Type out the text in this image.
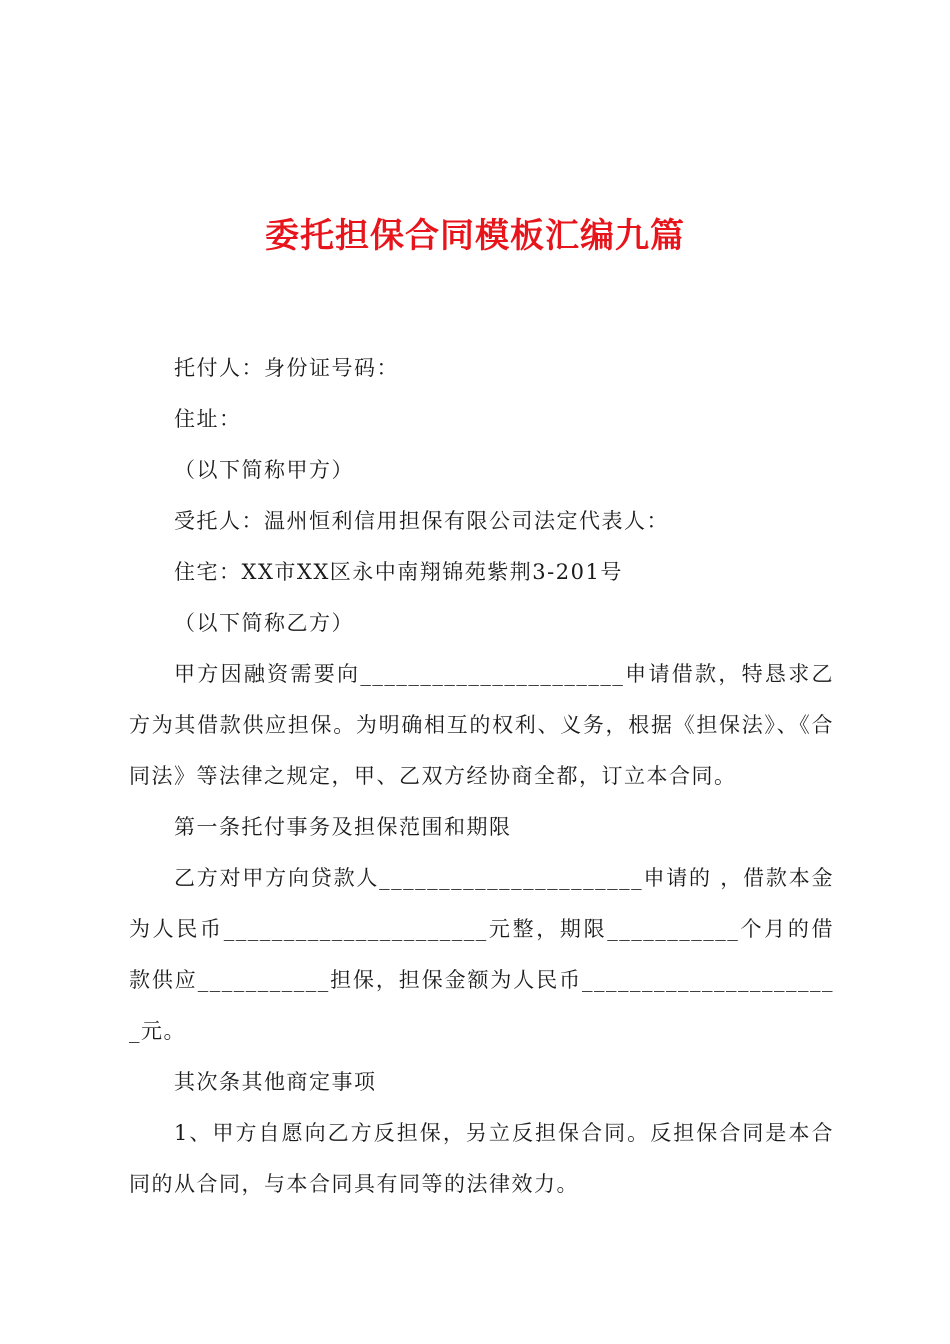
委托担保合同模板汇编九篇

托付人：身份证号码：

住址：

（以下简称甲方）

受托人：温州恒利信用担保有限公司法定代表人：

住宅：XX市XX区永中南翔锦苑紫荆3-201号

（以下简称乙方）

甲方因融资需要向______________________申请借款，特恳求乙方为其借款供应担保。为明确相互的权利、义务，根据《担保法》、《合同法》等法律之规定，甲、乙双方经协商全都，订立本合同。

第一条托付事务及担保范围和期限

乙方对甲方向贷款人______________________申请的 ，借款本金为人民币______________________元整，期限___________个月的借款供应___________担保，担保金额为人民币______________________元。

其次条其他商定事项

1、甲方自愿向乙方反担保，另立反担保合同。反担保合同是本合同的从合同，与本合同具有同等的法律效力。
